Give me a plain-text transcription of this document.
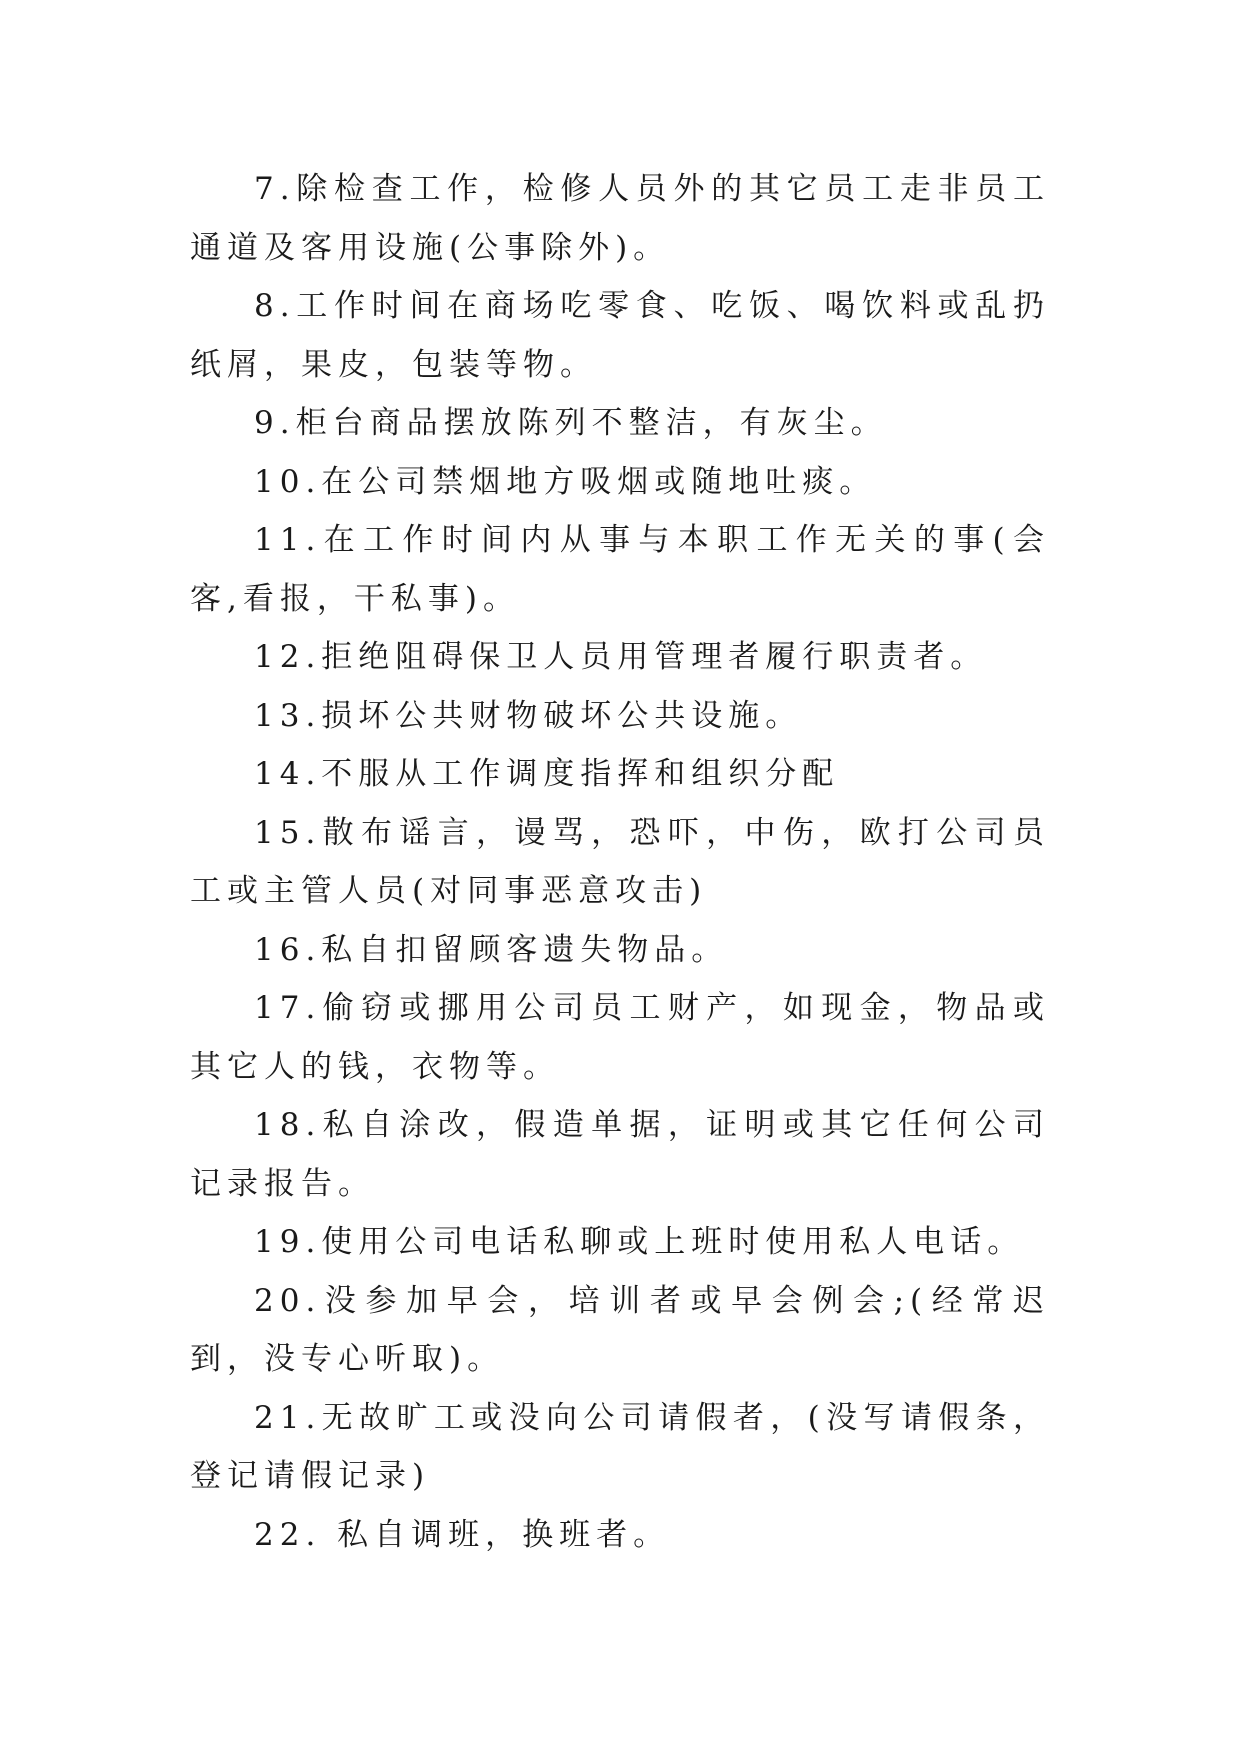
7.除检查工作，检修人员外的其它员工走非员工通道及客用设施(公事除外)。

8.工作时间在商场吃零食、吃饭、喝饮料或乱扔纸屑，果皮，包装等物。

9.柜台商品摆放陈列不整洁，有灰尘。

10.在公司禁烟地方吸烟或随地吐痰。

11.在工作时间内从事与本职工作无关的事(会客,看报，干私事)。

12.拒绝阻碍保卫人员用管理者履行职责者。

13.损坏公共财物破坏公共设施。

14.不服从工作调度指挥和组织分配

15.散布谣言，谩骂，恐吓，中伤，欧打公司员工或主管人员(对同事恶意攻击)

16.私自扣留顾客遗失物品。

17.偷窃或挪用公司员工财产，如现金，物品或其它人的钱，衣物等。

18.私自涂改，假造单据，证明或其它任何公司记录报告。

19.使用公司电话私聊或上班时使用私人电话。

20.没参加早会，培训者或早会例会;(经常迟到，没专心听取)。

21.无故旷工或没向公司请假者，(没写请假条，登记请假记录)

22. 私自调班，换班者。
